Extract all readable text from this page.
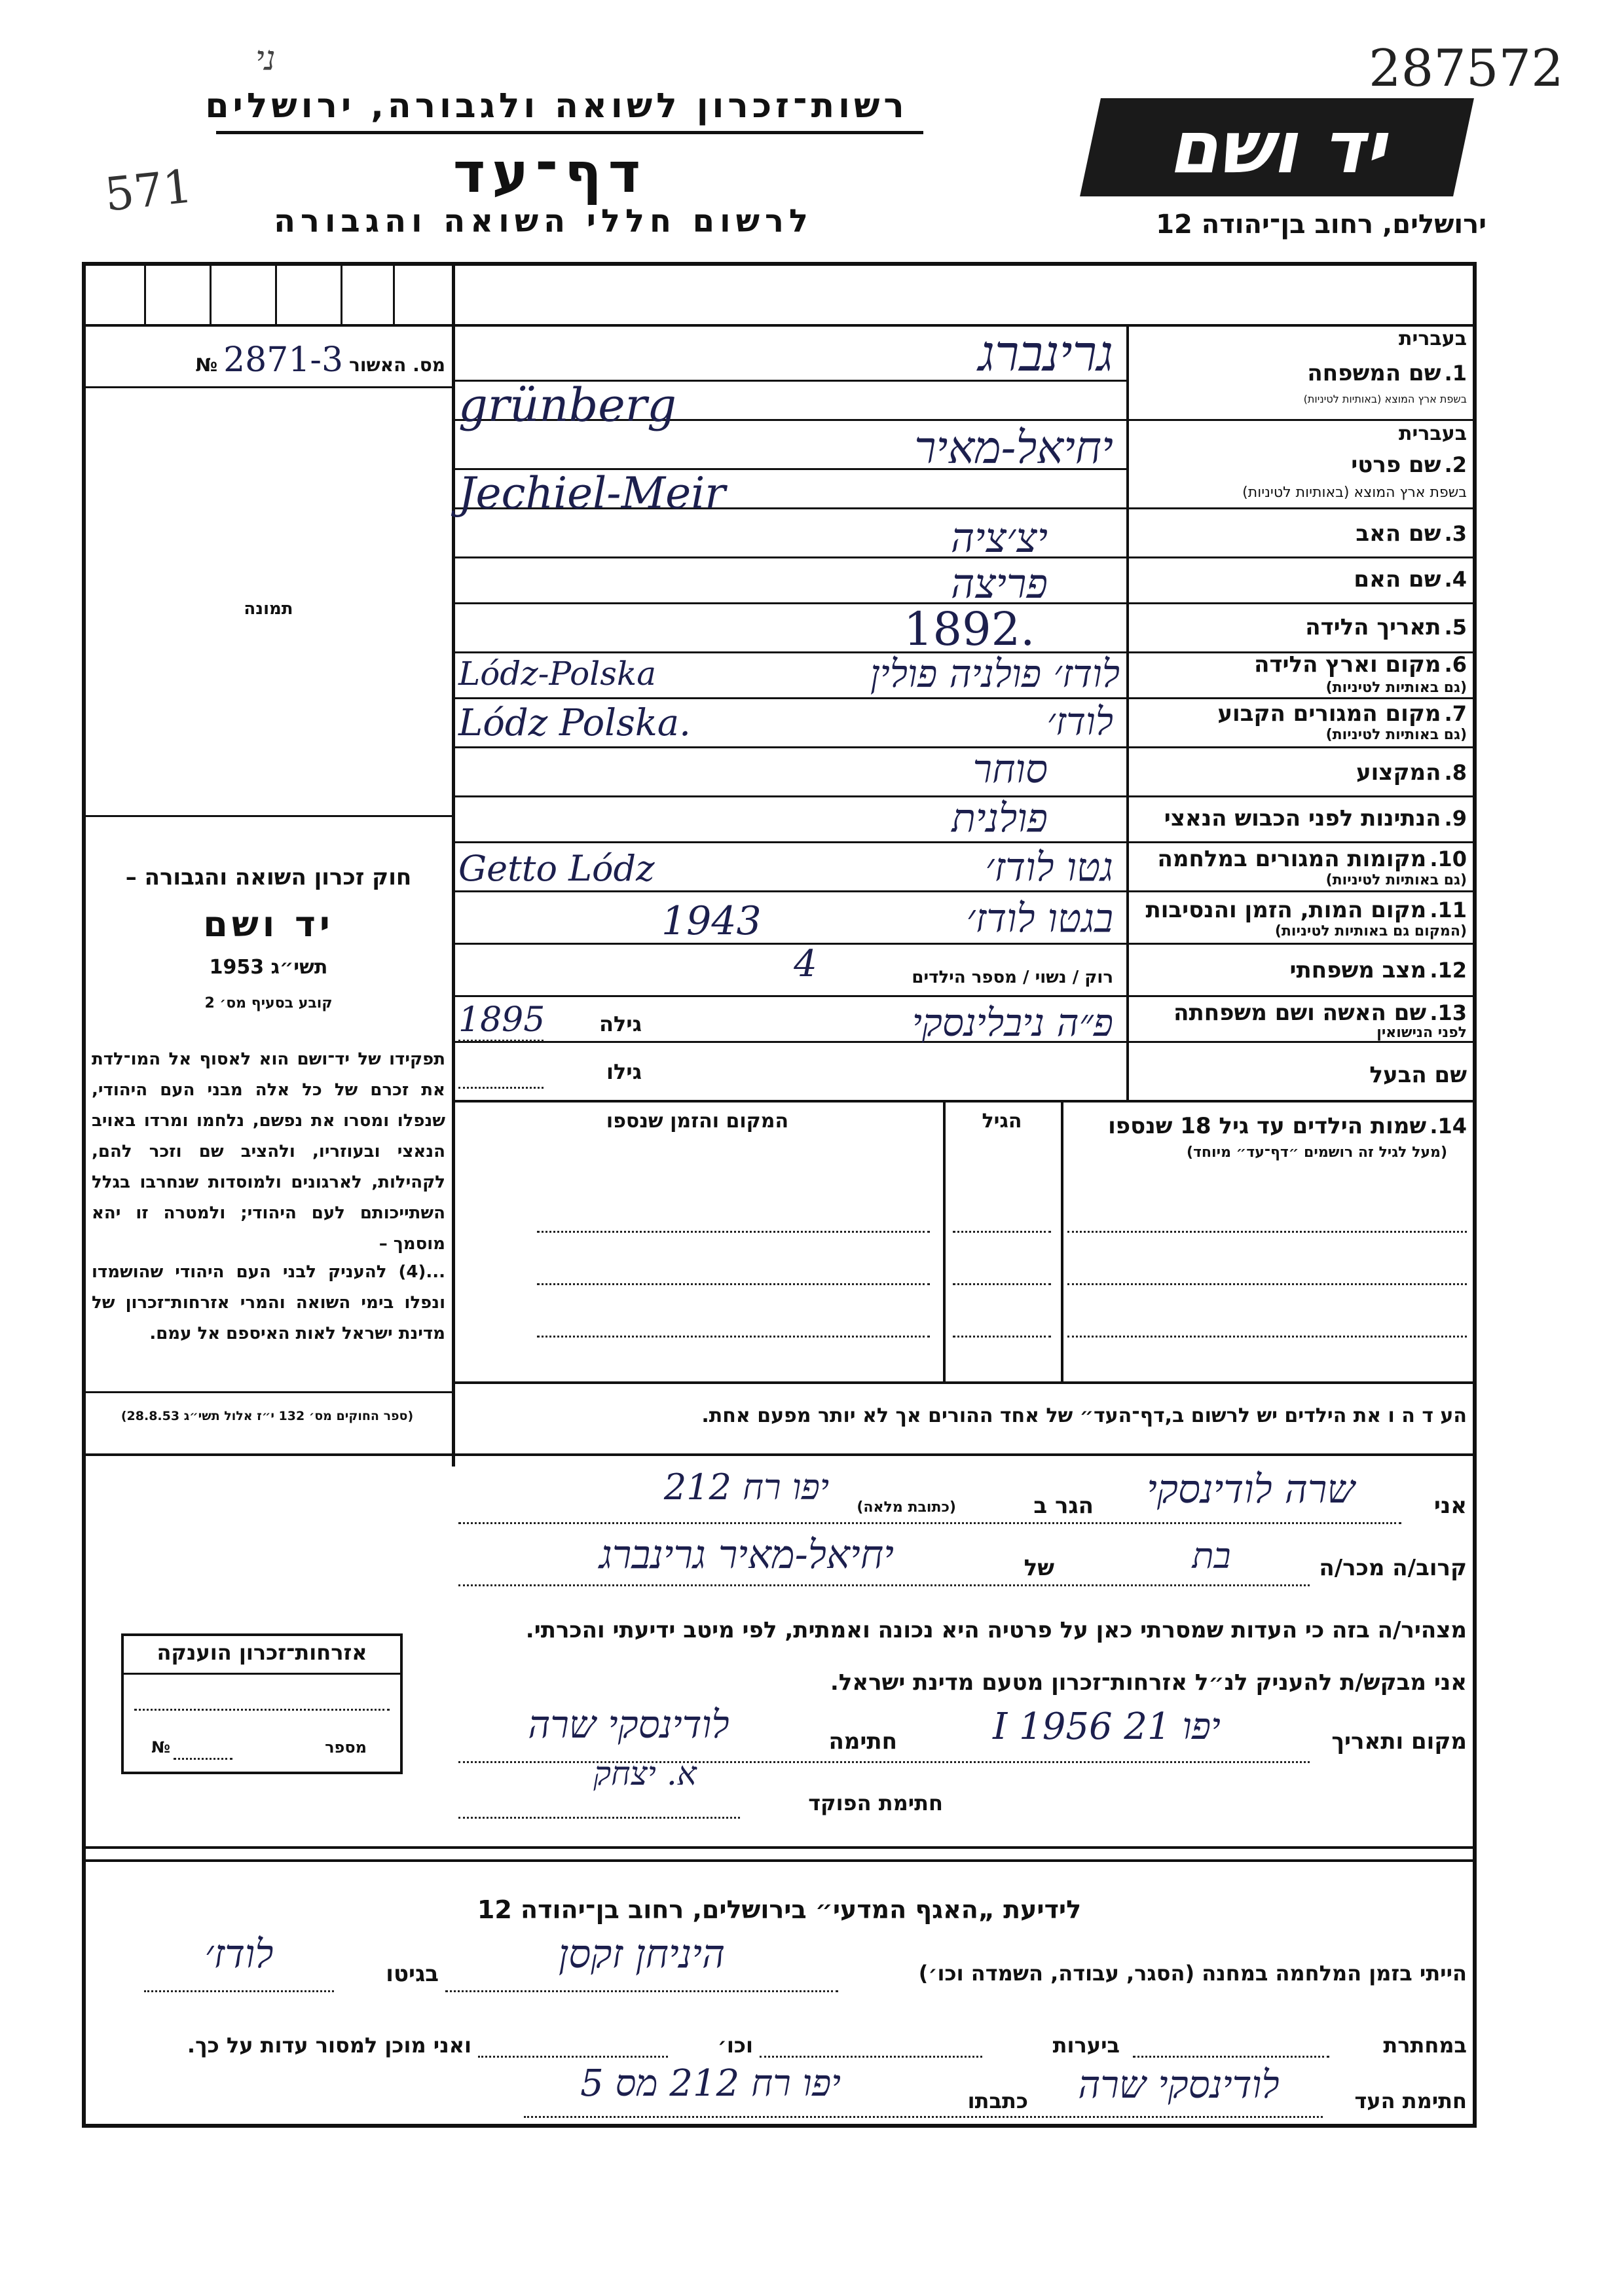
287572
571
ני
רשות־זכרון לשואה ולגבורה, ירושלים
דף־עד
לרשום חללי השואה והגבורה
יד ושם
ירושלים, רחוב בן־יהודה 12
מס. האשור 2871-3 №
תמונה
חוק זכרון השואה והגבורה –
יד ושם
תשי״ג 1953
קובע בסעיף מס׳ 2
תפקידו של יד־ושם הוא לאסוף אל המו־לדת את זכרם של כל אלה מבני העם היהודי, שנפלו ומסרו את נפשם, נלחמו ומרדו באויב הנאצי ובעוזריו, ולהציב שם וזכר להם, לקהילות, לארגונים ולמוסדות שנחרבו בגלל השתייכותם לעם היהודי; ולמטרה זו יהא מוסמך –
...(4) להעניק לבני העם היהודי שהושמדו ונפלו בימי השואה והמרי אזרחות־זכרון של מדינת ישראל לאות האיספם אל עמם.
(ספר החוקים מס׳ 132 י״ז אלול תשי״ג 28.8.53)
בעברית
1. שם המשפחה
בשפת ארץ המוצא (באותיות לטיניות)
גרינברג
grünberg
בעברית
2. שם פרטי
בשפת ארץ המוצא (באותיות לטיניות)
יחיאל-מאיר
Jechiel-Meir
3. שם האב
יצ׳ציה
4. שם האם
פריצה
5. תאריך הלידה
1892.
6. מקום וארץ הלידה
(גם באותיות לטיניות)
לודז׳ פולניה פולין
Lódz-Polska
7. מקום המגורים הקבוע
(גם באותיות לטיניות)
לודז׳
Lódz Polska.
8. המקצוע
סוחר
9. הנתינות לפני הכבוש הנאצי
פולנית
10. מקומות המגורים במלחמה
(גם באותיות לטיניות)
גטו לודז׳
Getto Lódz
11. מקום המות, הזמן והנסיבות
(המקום גם באותיות לטיניות)
בגטו לודז׳
1943
12. מצב משפחתי
רוק / נשוי / מספר הילדים
4
13. שם האשה ושם משפחתה
לפני הנישואין
פ״ה ניבלינסקי
גילה
1895
שם הבעל
גילו
14. שמות הילדים עד גיל 18 שנספו
(מעל לגיל זה רושמים ״דף־עד״ מיוחד)
הגיל
המקום והזמן שנספו
הע ד ה ו את הילדים יש לרשום ב,דף־העד״ של אחד ההורים אך לא יותר מפעם אחת.
אני
שרה לודינסקי
הגר ב
(כתובת מלאה)
יפו רח 212
קרוב/ה מכר/ה
בת
של
יחיאל-מאיר גרינברג
מצהיר/ה בזה כי העדות שמסרתי כאן על פרטיה היא נכונה ואמתית, לפי מיטב ידיעתי והכרתי.
אני מבקש/ת להעניק לנ״ל אזרחות־זכרון מטעם מדינת ישראל.
מקום ותאריך
יפו 21 I 1956
חתימה
לודינסקי שרה
א. יצחק
חתימת הפוקד
אזרחות־זכרון הוענקה
מספר
№
לידיעת „האגף המדעי״ בירושלים, רחוב בן־יהודה 12
הייתי בזמן המלחמה במחנה (הסגר, עבודה, השמדה וכו׳)
היניחן זקסן
בגיטו
לודז׳
במחתרת
ביערות
וכו׳
ואני מוכן למסור עדות על כך.
חתימת העד
לודינסקי שרה
כתבתו
יפו רח 212 מס 5
